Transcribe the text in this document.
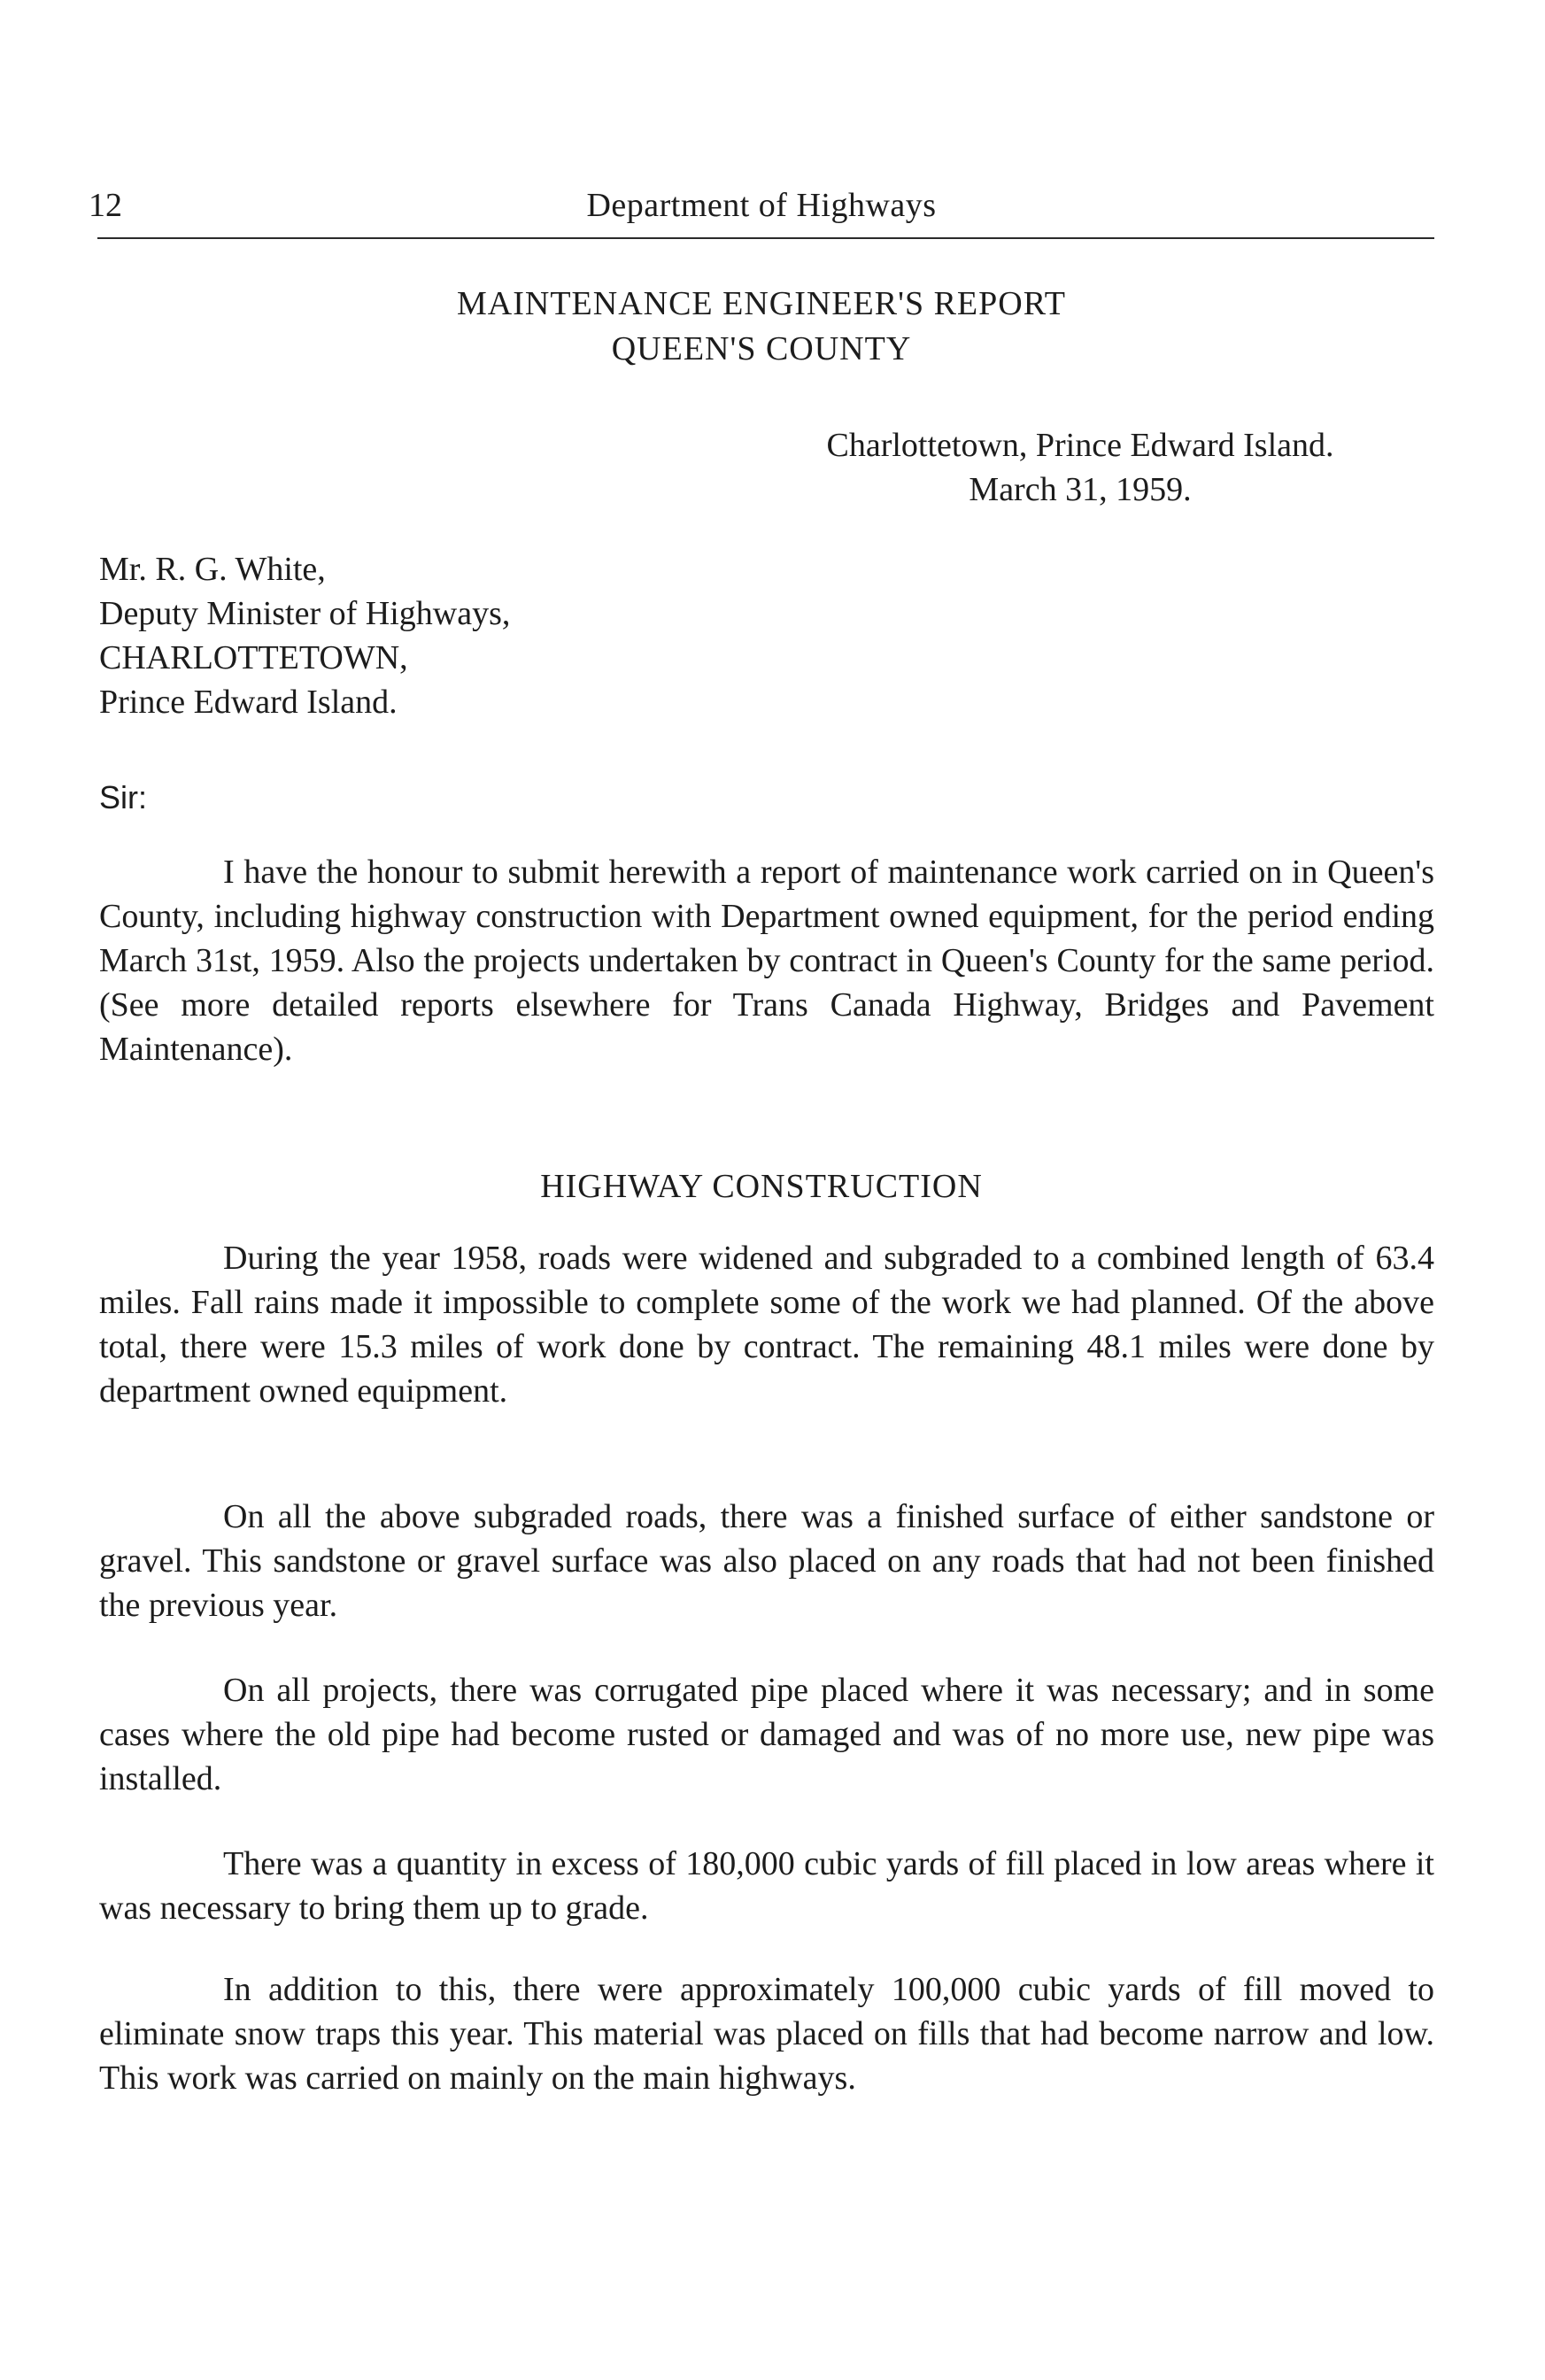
12	Department of Highways
MAINTENANCE ENGINEER'S REPORT
QUEEN'S COUNTY
Charlottetown, Prince Edward Island.
March 31, 1959.
Mr. R. G. White,
Deputy Minister of Highways,
CHARLOTTETOWN,
Prince Edward Island.
Sir:

I have the honour to submit herewith a report of maintenance work carried on in Queen's County, including highway construction with Department owned equipment, for the period ending March 31st, 1959. Also the projects undertaken by contract in Queen's County for the same period. (See more detailed reports elsewhere for Trans Canada Highway, Bridges and Pavement Maintenance).

HIGHWAY CONSTRUCTION

During the year 1958, roads were widened and subgraded to a combined length of 63.4 miles. Fall rains made it impossible to complete some of the work we had planned. Of the above total, there were 15.3 miles of work done by contract. The remaining 48.1 miles were done by department owned equipment.

On all the above subgraded roads, there was a finished surface of either sandstone or gravel. This sandstone or gravel surface was also placed on any roads that had not been finished the previous year.

On all projects, there was corrugated pipe placed where it was necessary; and in some cases where the old pipe had become rusted or damaged and was of no more use, new pipe was installed.

There was a quantity in excess of 180,000 cubic yards of fill placed in low areas where it was necessary to bring them up to grade.

In addition to this, there were approximately 100,000 cubic yards of fill moved to eliminate snow traps this year. This material was placed on fills that had become narrow and low. This work was carried on mainly on the main highways.
